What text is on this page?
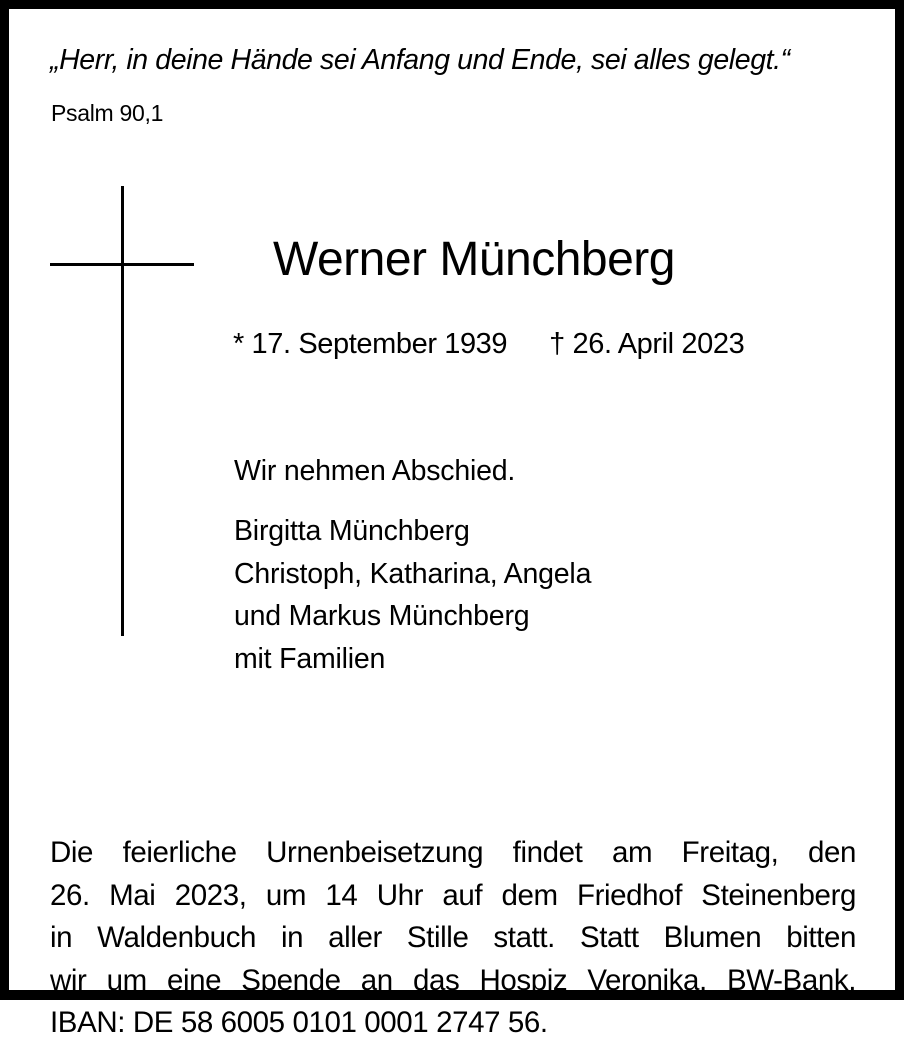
„Herr, in deine Hände sei Anfang und Ende, sei alles gelegt.“
Psalm 90,1
Werner Münchberg
* 17. September 1939 † 26. April 2023
Wir nehmen Abschied.
Birgitta Münchberg
Christoph, Katharina, Angela
und Markus Münchberg
mit Familien
Die feierliche Urnenbeisetzung findet am Freitag, den
26. Mai 2023, um 14 Uhr auf dem Friedhof Steinenberg
in Waldenbuch in aller Stille statt. Statt Blumen bitten
wir um eine Spende an das Hospiz Veronika, BW-Bank,
IBAN: DE 58 6005 0101 0001 2747 56.
